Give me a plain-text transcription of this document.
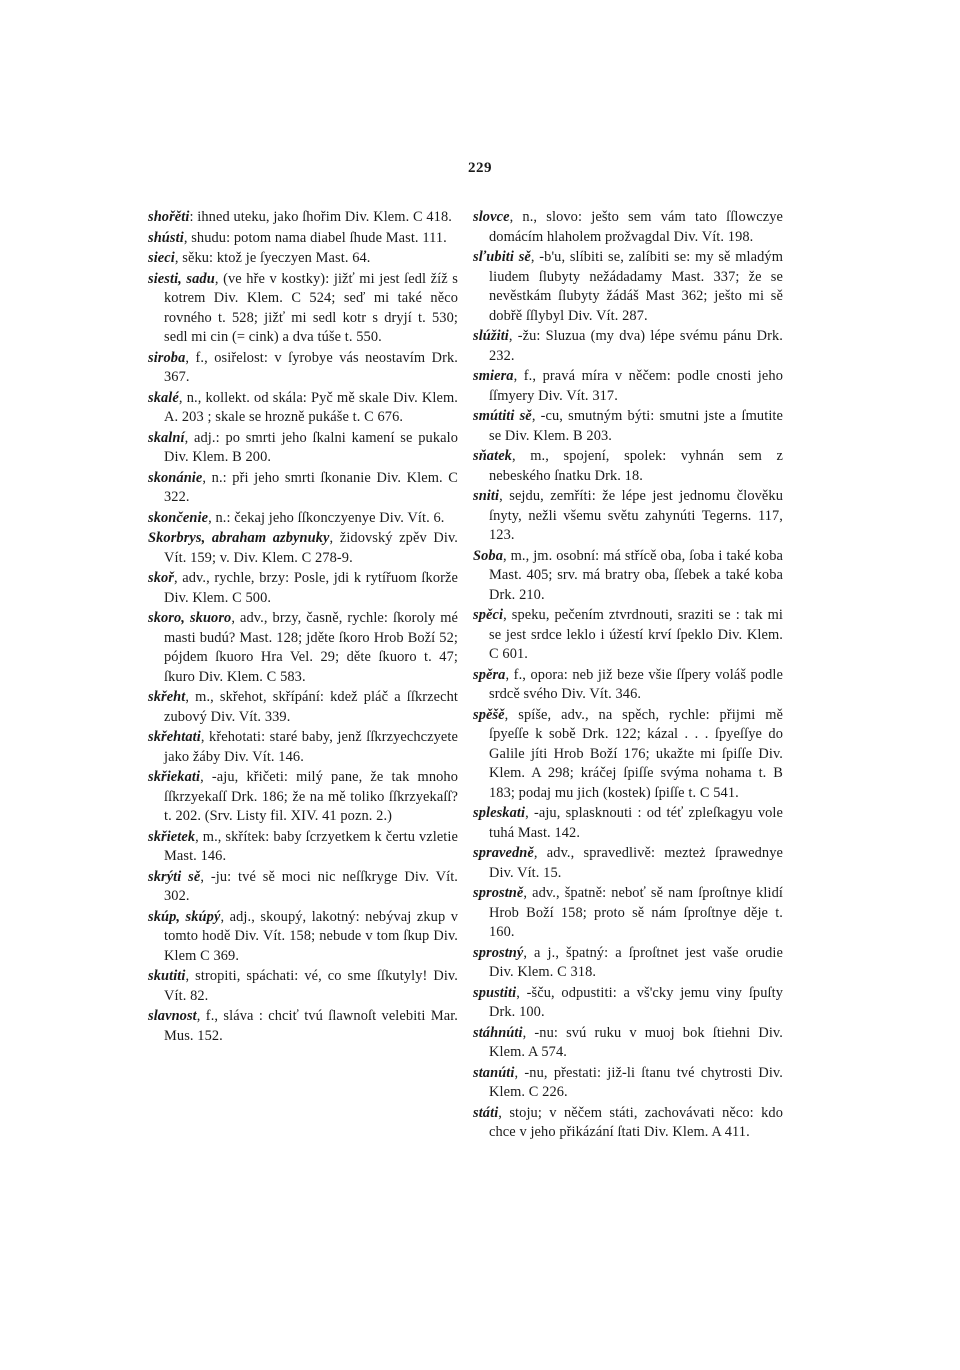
229

shořěti: ihned uteku, jako ſhořim Div. Klem. C 418.

shústi, shudu: potom nama diabel ſhude Mast. 111.

sieci, sěku: ktož je ſyeczyen Mast. 64.

siesti, sadu, (ve hře v kostky): jižť mi jest ſedl žíž s kotrem Div. Klem. C 524; seď mi také něco rovného t. 528; jižť mi sedl kotr s dryjí t. 530; sedl mi cin (= cink) a dva túše t. 550.

siroba, f., osiřelost: v ſyrobye vás neostavím Drk. 367.

skalé, n., kollekt. od skála: Pyč mě skale Div. Klem. A. 203 ; skale se hrozně pukáše t. C 676.

skalní, adj.: po smrti jeho ſkalni kamení se pukalo Div. Klem. B 200.

skonánie, n.: při jeho smrti ſkonanie Div. Klem. C 322.

skončenie, n.: čekaj jeho ſſkonczyenye Div. Vít. 6.

Skorbrys, abraham azbynuky, židovský zpěv Div. Vít. 159; v. Div. Klem. C 278-9.

skoř, adv., rychle, brzy: Posle, jdi k rytířuom ſkorže Div. Klem. C 500.

skoro, skuoro, adv., brzy, časně, rychle: ſkoroly mé masti budú? Mast. 128; jděte ſkoro Hrob Boží 52; pójdem ſkuoro Hra Vel. 29; děte ſkuoro t. 47; ſkuro Div. Klem. C 583.

skřeht, m., skřehot, skřípání: kdež pláč a ſſkrzecht zubový Div. Vít. 339.

skřehtati, křehotati: staré baby, jenž ſſkrzyechczyete jako žáby Div. Vít. 146.

skřiekati, -aju, křičeti: milý pane, že tak mnoho ſſkrzyekaſſ Drk. 186; že na mě toliko ſſkrzyekaſſ? t. 202. (Srv. Listy fil. XIV. 41 pozn. 2.)

skřietek, m., skřítek: baby ſcrzyetkem k čertu vzletie Mast. 146.

skrýti sě, -ju: tvé sě moci nic neſſkryge Div. Vít. 302.

skúp, skúpý, adj., skoupý, lakotný: nebývaj zkup v tomto hodě Div. Vít. 158; nebude v tom ſkup Div. Klem C 369.

skutiti, stropiti, spáchati: vé, co sme ſſkutyly! Div. Vít. 82.

slavnost, f., sláva : chciť tvú ſlawnoſt velebiti Mar. Mus. 152.

slovce, n., slovo: ješto sem vám tato ſſlowczye domácím hlaholem prožvagdal Div. Vít. 198.

sľubiti sě, -b'u, slíbiti se, zalíbiti se: my sě mladým liudem ſlubyty nežádadamy Mast. 337; že se nevěstkám ſlubyty žádáš Mast 362; ješto mi sě dobřě ſſlybyl Div. Vít. 287.

slúžiti, -žu: Sluzua (my dva) lépe svému pánu Drk. 232.

smiera, f., pravá míra v něčem: podle cnosti jeho ſſmyery Div. Vít. 317.

smútiti sě, -cu, smutným býti: smutni jste a ſmutite se Div. Klem. B 203.

sňatek, m., spojení, spolek: vyhnán sem z nebeského ſnatku Drk. 18.

sniti, sejdu, zemříti: že lépe jest jednomu člověku ſnyty, nežli všemu světu zahynúti Tegerns. 117, 123.

Soba, m., jm. osobní: má střícě oba, ſoba i také koba Mast. 405; srv. má bratry oba, ſſebek a také koba Drk. 210.

spěci, speku, pečením ztvrdnouti, sraziti se : tak mi se jest srdce leklo i úžestí krví ſpeklo Div. Klem. C 601.

spěra, f., opora: neb již beze všie ſſpery voláš podle srdcě svého Div. Vít. 346.

spěšě, spíše, adv., na spěch, rychle: přijmi mě ſpyeſſe k sobě Drk. 122; kázal . . . ſpyeſſye do Galile jíti Hrob Boží 176; ukažte mi ſpiſſe Div. Klem. A 298; kráčej ſpiſſe svýma nohama t. B 183; podaj mu jich (kostek) ſpiſſe t. C 541.

spleskati, -aju, splasknouti : od téť zpleſkagyu vole tuhá Mast. 142.

spravedně, adv., spravedlivě: mezteż ſprawednye Div. Vít. 15.

sprostně, adv., špatně: neboť sě nam ſproſtnye klidí Hrob Boží 158; proto sě nám ſproſtnye děje t. 160.

sprostný, a j., špatný: a ſproſtnet jest vaše orudie Div. Klem. C 318.

spustiti, -šču, odpustiti: a vš'cky jemu viny ſpuſty Drk. 100.

stáhnúti, -nu: svú ruku v muoj bok ſtiehni Div. Klem. A 574.

stanúti, -nu, přestati: již-li ſtanu tvé chytrosti Div. Klem. C 226.

státi, stoju; v něčem státi, zachovávati něco: kdo chce v jeho přikázání ſtati Div. Klem. A 411.
